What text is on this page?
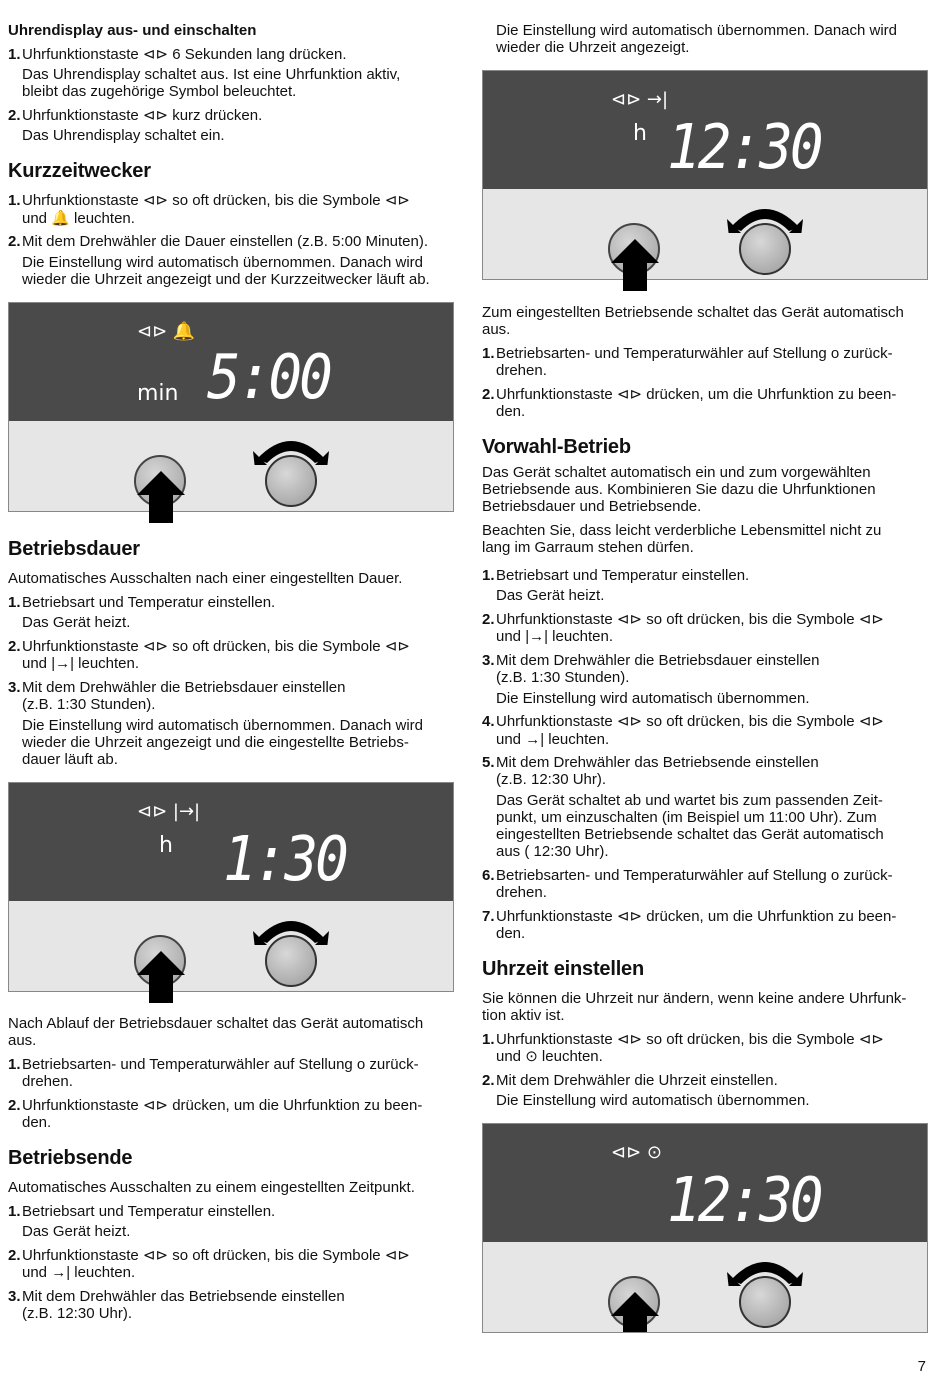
Uhrendisplay aus- und einschalten
1.Uhrfunktionstaste ⊲⊳ 6 Sekunden lang drücken.
Das Uhrendisplay schaltet aus. Ist eine Uhrfunktion aktiv,
bleibt das zugehörige Symbol beleuchtet.
2.Uhrfunktionstaste ⊲⊳ kurz drücken.
Das Uhrendisplay schaltet ein.
Kurzzeitwecker
1.Uhrfunktionstaste ⊲⊳ so oft drücken, bis die Symbole ⊲⊳
und 🔔 leuchten.
2.Mit dem Drehwähler die Dauer einstellen (z.B. 5:00 Minuten).
Die Einstellung wird automatisch übernommen. Danach wird
wieder die Uhrzeit angezeigt und der Kurzzeitwecker läuft ab.
⊲⊳ 🔔
min 5:00
Betriebsdauer
Automatisches Ausschalten nach einer eingestellten Dauer.
1.Betriebsart und Temperatur einstellen.
Das Gerät heizt.
2.Uhrfunktionstaste ⊲⊳ so oft drücken, bis die Symbole ⊲⊳
und |→| leuchten.
3.Mit dem Drehwähler die Betriebsdauer einstellen
(z.B. 1:30 Stunden).
Die Einstellung wird automatisch übernommen. Danach wird
wieder die Uhrzeit angezeigt und die eingestellte Betriebs-
dauer läuft ab.
⊲⊳ |→|
h 1:30
Nach Ablauf der Betriebsdauer schaltet das Gerät automatisch
aus.
1.Betriebsarten- und Temperaturwähler auf Stellung o zurück-
drehen.
2.Uhrfunktionstaste ⊲⊳ drücken, um die Uhrfunktion zu been-
den.
Betriebsende
Automatisches Ausschalten zu einem eingestellten Zeitpunkt.
1.Betriebsart und Temperatur einstellen.
Das Gerät heizt.
2.Uhrfunktionstaste ⊲⊳ so oft drücken, bis die Symbole ⊲⊳
und →| leuchten.
3.Mit dem Drehwähler das Betriebsende einstellen
(z.B. 12:30 Uhr).
Die Einstellung wird automatisch übernommen. Danach wird
wieder die Uhrzeit angezeigt.
⊲⊳ →|
h 12:30
Zum eingestellten Betriebsende schaltet das Gerät automatisch
aus.
1.Betriebsarten- und Temperaturwähler auf Stellung o zurück-
drehen.
2.Uhrfunktionstaste ⊲⊳ drücken, um die Uhrfunktion zu been-
den.
Vorwahl-Betrieb
Das Gerät schaltet automatisch ein und zum vorgewählten
Betriebsende aus. Kombinieren Sie dazu die Uhrfunktionen
Betriebsdauer und Betriebsende.
Beachten Sie, dass leicht verderbliche Lebensmittel nicht zu
lang im Garraum stehen dürfen.
1.Betriebsart und Temperatur einstellen.
Das Gerät heizt.
2.Uhrfunktionstaste ⊲⊳ so oft drücken, bis die Symbole ⊲⊳
und |→| leuchten.
3.Mit dem Drehwähler die Betriebsdauer einstellen
(z.B. 1:30 Stunden).
Die Einstellung wird automatisch übernommen.
4.Uhrfunktionstaste ⊲⊳ so oft drücken, bis die Symbole ⊲⊳
und →| leuchten.
5.Mit dem Drehwähler das Betriebsende einstellen
(z.B. 12:30 Uhr).
Das Gerät schaltet ab und wartet bis zum passenden Zeit-
punkt, um einzuschalten (im Beispiel um 11:00 Uhr). Zum
eingestellten Betriebsende schaltet das Gerät automatisch
aus ( 12:30 Uhr).
6.Betriebsarten- und Temperaturwähler auf Stellung o zurück-
drehen.
7.Uhrfunktionstaste ⊲⊳ drücken, um die Uhrfunktion zu been-
den.
Uhrzeit einstellen
Sie können die Uhrzeit nur ändern, wenn keine andere Uhrfunk-
tion aktiv ist.
1.Uhrfunktionstaste ⊲⊳ so oft drücken, bis die Symbole ⊲⊳
und ⊙ leuchten.
2.Mit dem Drehwähler die Uhrzeit einstellen.
Die Einstellung wird automatisch übernommen.
⊲⊳ ⊙
12:30
7
